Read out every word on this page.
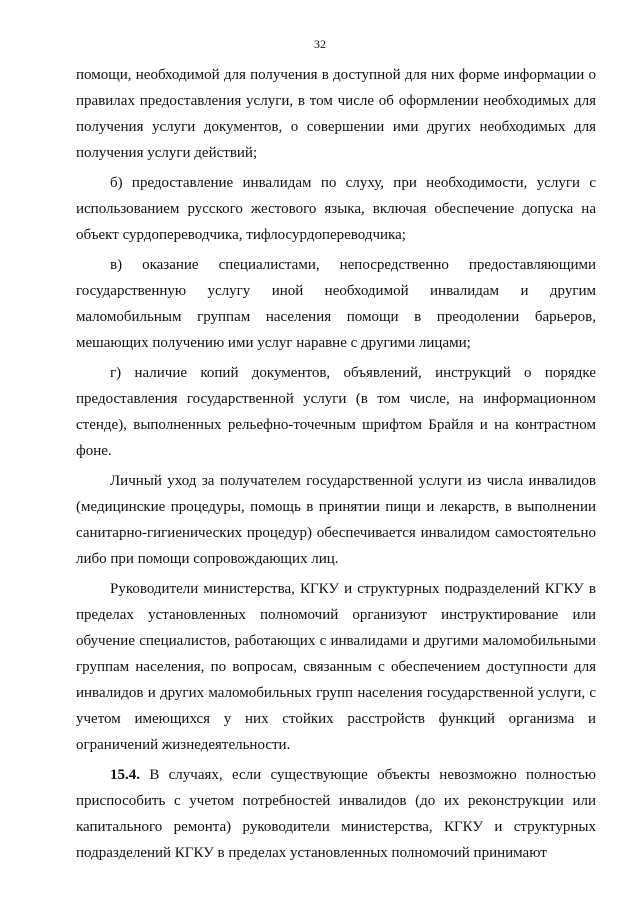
32

помощи, необходимой для получения в доступной для них форме информации о правилах предоставления услуги, в том числе об оформлении необходимых для получения услуги документов, о совершении ими других необходимых для получения услуги действий;

б) предоставление инвалидам по слуху, при необходимости, услуги с использованием русского жестового языка, включая обеспечение допуска на объект сурдопереводчика, тифлосурдопереводчика;

в) оказание специалистами, непосредственно предоставляющими государственную услугу иной необходимой инвалидам и другим маломобильным группам населения помощи в преодолении барьеров, мешающих получению ими услуг наравне с другими лицами;

г) наличие копий документов, объявлений, инструкций о порядке предоставления государственной услуги (в том числе, на информационном стенде), выполненных рельефно-точечным шрифтом Брайля и на контрастном фоне.

Личный уход за получателем государственной услуги из числа инвалидов (медицинские процедуры, помощь в принятии пищи и лекарств, в выполнении санитарно-гигиенических процедур) обеспечивается инвалидом самостоятельно либо при помощи сопровождающих лиц.

Руководители министерства, КГКУ и структурных подразделений КГКУ в пределах установленных полномочий организуют инструктирование или обучение специалистов, работающих с инвалидами и другими маломобильными группам населения, по вопросам, связанным с обеспечением доступности для инвалидов и других маломобильных групп населения государственной услуги, с учетом имеющихся у них стойких расстройств функций организма и ограничений жизнедеятельности.

15.4. В случаях, если существующие объекты невозможно полностью приспособить с учетом потребностей инвалидов (до их реконструкции или капитального ремонта) руководители министерства, КГКУ и структурных подразделений КГКУ в пределах установленных полномочий принимают
